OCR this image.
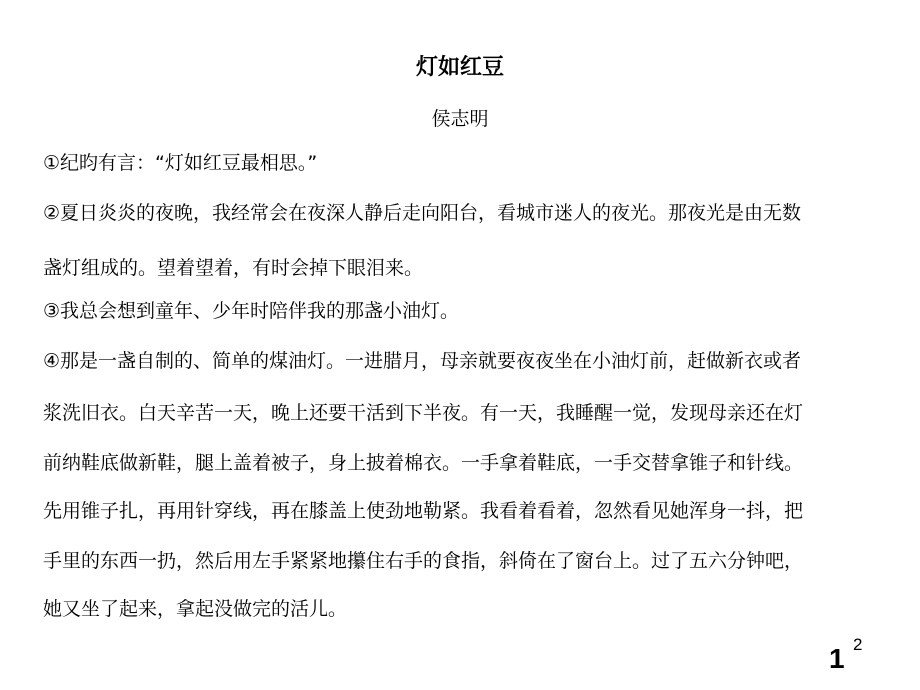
灯如红豆
侯志明
①纪昀有言：“灯如红豆最相思。”
②夏日炎炎的夜晚，我经常会在夜深人静后走向阳台，看城市迷人的夜光。那夜光是由无数
盏灯组成的。望着望着，有时会掉下眼泪来。
③我总会想到童年、少年时陪伴我的那盏小油灯。
④那是一盏自制的、简单的煤油灯。一进腊月，母亲就要夜夜坐在小油灯前，赶做新衣或者
浆洗旧衣。白天辛苦一天，晚上还要干活到下半夜。有一天，我睡醒一觉，发现母亲还在灯
前纳鞋底做新鞋，腿上盖着被子，身上披着棉衣。一手拿着鞋底，一手交替拿锥子和针线。
先用锥子扎，再用针穿线，再在膝盖上使劲地勒紧。我看着看着，忽然看见她浑身一抖，把
手里的东西一扔，然后用左手紧紧地攥住右手的食指，斜倚在了窗台上。过了五六分钟吧，
她又坐了起来，拿起没做完的活儿。
1 2
